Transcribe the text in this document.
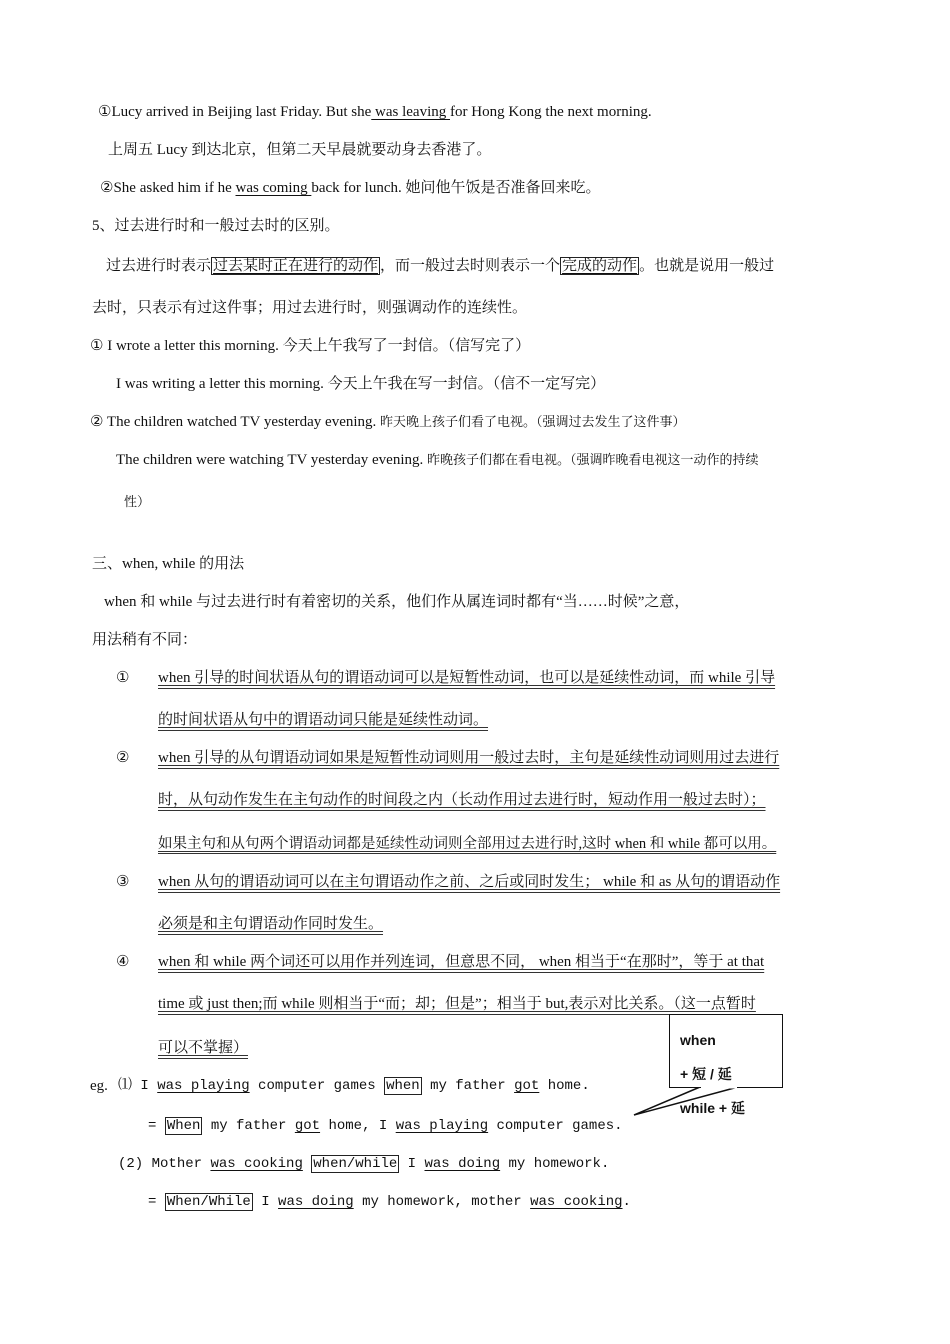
①Lucy arrived in Beijing last Friday. But she was leaving for Hong Kong the next morning.
上周五 Lucy 到达北京，但第二天早晨就要动身去香港了。
②She asked him if he was coming back for lunch. 她问他午饭是否准备回来吃。
5、过去进行时和一般过去时的区别。
过去进行时表示 过去某时正在进行的动作 ，而一般过去时则表示一个 完成的动作 。也就是说用一般过
去时，只表示有过这件事；用过去进行时，则强调动作的连续性。
① I wrote a letter this morning. 今天上午我写了一封信。（信写完了）
I was writing a letter this morning. 今天上午我在写一封信。（信不一定写完）
② The children watched TV yesterday evening. 昨天晚上孩子们看了电视。（强调过去发生了这件事）
The children were watching TV yesterday evening. 昨晚孩子们都在看电视。（强调昨晚看电视这一动作的持续
性）
三、when, while 的用法
when 和 while 与过去进行时有着密切的关系，他们作从属连词时都有“当……时候”之意，
用法稍有不同：
① when 引导的时间状语从句的谓语动词可以是短暂性动词，也可以是延续性动词，而 while 引导
的时间状语从句中的谓语动词只能是延续性动词。
② when 引导的从句谓语动词如果是短暂性动词则用一般过去时，主句是延续性动词则用过去进行
时，从句动作发生在主句动作的时间段之内（长动作用过去进行时，短动作用一般过去时）；
如果主句和从句两个谓语动词都是延续性动词则全部用过去进行时,这时 when 和 while 都可以用。
③ when 从句的谓语动词可以在主句谓语动作之前、之后或同时发生； while 和 as 从句的谓语动作
必须是和主句谓语动作同时发生。
④ when 和 while 两个词还可以用作并列连词，但意思不同， when 相当于“在那时”，等于 at that
time 或 just then;而 while 则相当于“而；却；但是”；相当于 but,表示对比关系。（这一点暂时
可以不掌握）	when
+ 短 / 延
while + 延
eg. ⑴ I was playing computer games when my father got home.
= When my father got home, I was playing computer games.
(2) Mother was cooking when/while I was doing my homework.
= When/While I was doing my homework, mother was cooking.
